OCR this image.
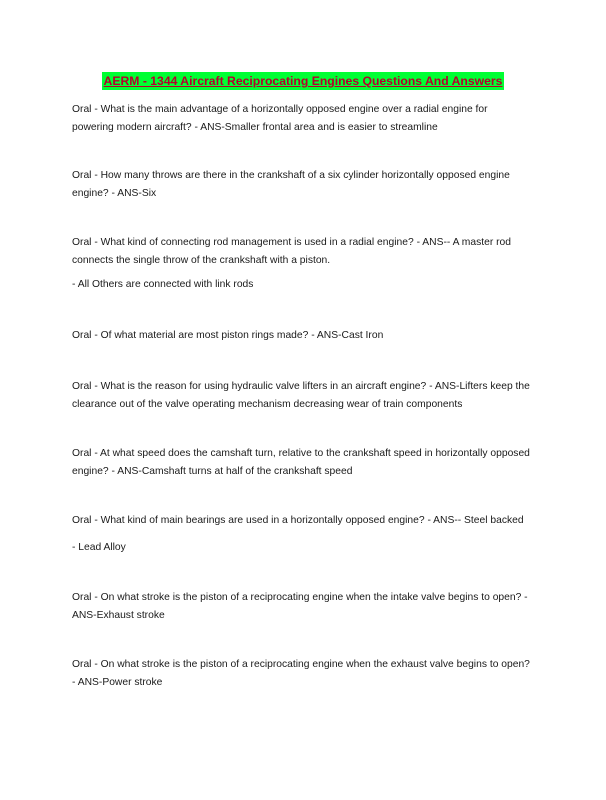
AERM - 1344 Aircraft Reciprocating Engines Questions And Answers

Oral - What is the main advantage of a horizontally opposed engine over a radial engine for powering modern aircraft? - ANS-Smaller frontal area and is easier to streamline

Oral - How many throws are there in the crankshaft of a six cylinder horizontally opposed engine engine? - ANS-Six

Oral - What kind of connecting rod management is used in a radial engine? - ANS-- A master rod connects the single throw of the crankshaft with a piston.

- All Others are connected with link rods

Oral - Of what material are most piston rings made? - ANS-Cast Iron

Oral - What is the reason for using hydraulic valve lifters in an aircraft engine? - ANS-Lifters keep the clearance out of the valve operating mechanism decreasing wear of train components

Oral - At what speed does the camshaft turn, relative to the crankshaft speed in horizontally opposed engine? - ANS-Camshaft turns at half of the crankshaft speed

Oral - What kind of main bearings are used in a horizontally opposed engine? - ANS-- Steel backed

- Lead Alloy

Oral - On what stroke is the piston of a reciprocating engine when the intake valve begins to open? - ANS-Exhaust stroke

Oral - On what stroke is the piston of a reciprocating engine when the exhaust valve begins to open? - ANS-Power stroke
